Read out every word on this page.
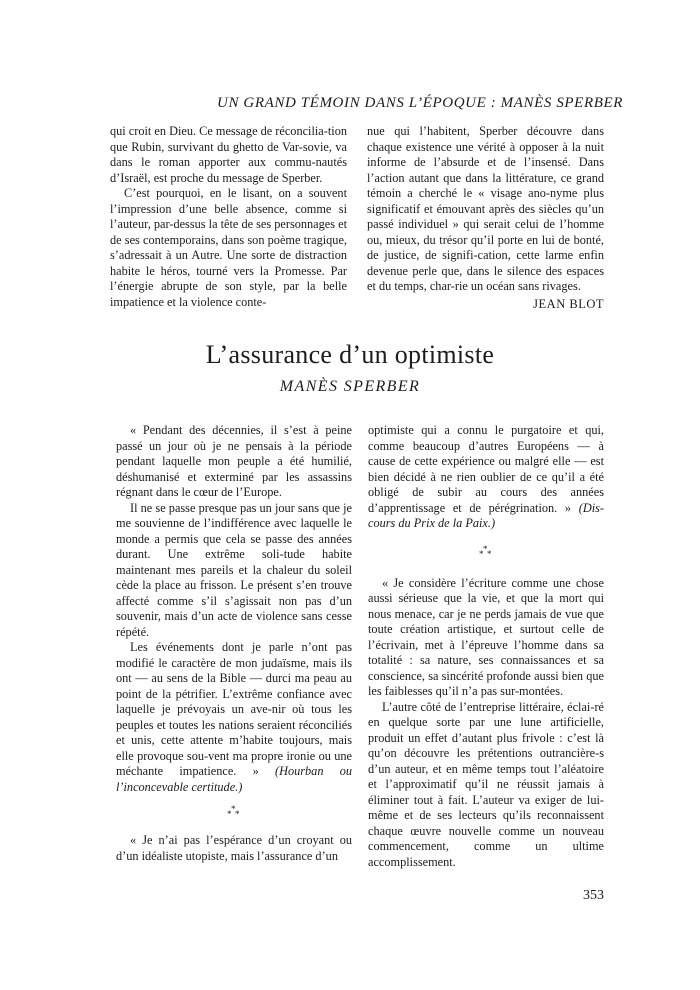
UN GRAND TÉMOIN DANS L’ÉPOQUE : MANÈS SPERBER

qui croit en Dieu. Ce message de réconcilia-tion que Rubin, survivant du ghetto de Var-sovie, va dans le roman apporter aux commu-nautés d’Israël, est proche du message de Sperber.

C’est pourquoi, en le lisant, on a souvent l’impression d’une belle absence, comme si l’auteur, par-dessus la tête de ses personnages et de ses contemporains, dans son poème tragique, s’adressait à un Autre. Une sorte de distraction habite le héros, tourné vers la Promesse. Par l’énergie abrupte de son style, par la belle impatience et la violence conte-

nue qui l’habitent, Sperber découvre dans chaque existence une vérité à opposer à la nuit informe de l’absurde et de l’insensé. Dans l’action autant que dans la littérature, ce grand témoin a cherché le « visage ano-nyme plus significatif et émouvant après des siècles qu’un passé individuel » qui serait celui de l’homme ou, mieux, du trésor qu’il porte en lui de bonté, de justice, de signifi-cation, cette larme enfin devenue perle que, dans le silence des espaces et du temps, char-rie un océan sans rivages.

JEAN BLOT
L’assurance d’un optimiste
MANÈS SPERBER

« Pendant des décennies, il s’est à peine passé un jour où je ne pensais à la période pendant laquelle mon peuple a été humilié, déshumanisé et exterminé par les assassins régnant dans le cœur de l’Europe.

Il ne se passe presque pas un jour sans que je me souvienne de l’indifférence avec laquelle le monde a permis que cela se passe des années durant. Une extrême soli-tude habite maintenant mes pareils et la chaleur du soleil cède la place au frisson. Le présent s’en trouve affecté comme s’il s’agissait non pas d’un souvenir, mais d’un acte de violence sans cesse répété.

Les événements dont je parle n’ont pas modifié le caractère de mon judaïsme, mais ils ont — au sens de la Bible — durci ma peau au point de la pétrifier. L’extrême confiance avec laquelle je prévoyais un ave-nir où tous les peuples et toutes les nations seraient réconciliés et unis, cette attente m’habite toujours, mais elle provoque sou-vent ma propre ironie ou une méchante impatience. » (Hourban ou l’inconcevable certitude.)

*
* *

« Je n’ai pas l’espérance d’un croyant ou d’un idéaliste utopiste, mais l’assurance d’un

optimiste qui a connu le purgatoire et qui, comme beaucoup d’autres Européens — à cause de cette expérience ou malgré elle — est bien décidé à ne rien oublier de ce qu’il a été obligé de subir au cours des années d’apprentissage et de pérégrination. » (Dis-cours du Prix de la Paix.)

*
* *

« Je considère l’écriture comme une chose aussi sérieuse que la vie, et que la mort qui nous menace, car je ne perds jamais de vue que toute création artistique, et surtout celle de l’écrivain, met à l’épreuve l’homme dans sa totalité : sa nature, ses connaissances et sa conscience, sa sincérité profonde aussi bien que les faiblesses qu’il n’a pas sur-montées.

L’autre côté de l’entreprise littéraire, éclai-ré en quelque sorte par une lune artificielle, produit un effet d’autant plus frivole : c’est là qu’on découvre les prétentions outrancière-s d’un auteur, et en même temps tout l’aléatoire et l’approximatif qu’il ne réussit jamais à éliminer tout à fait. L’auteur va exiger de lui-même et de ses lecteurs qu’ils reconnaissent chaque œuvre nouvelle comme un nouveau commencement, comme un ultime accomplissement.

353
